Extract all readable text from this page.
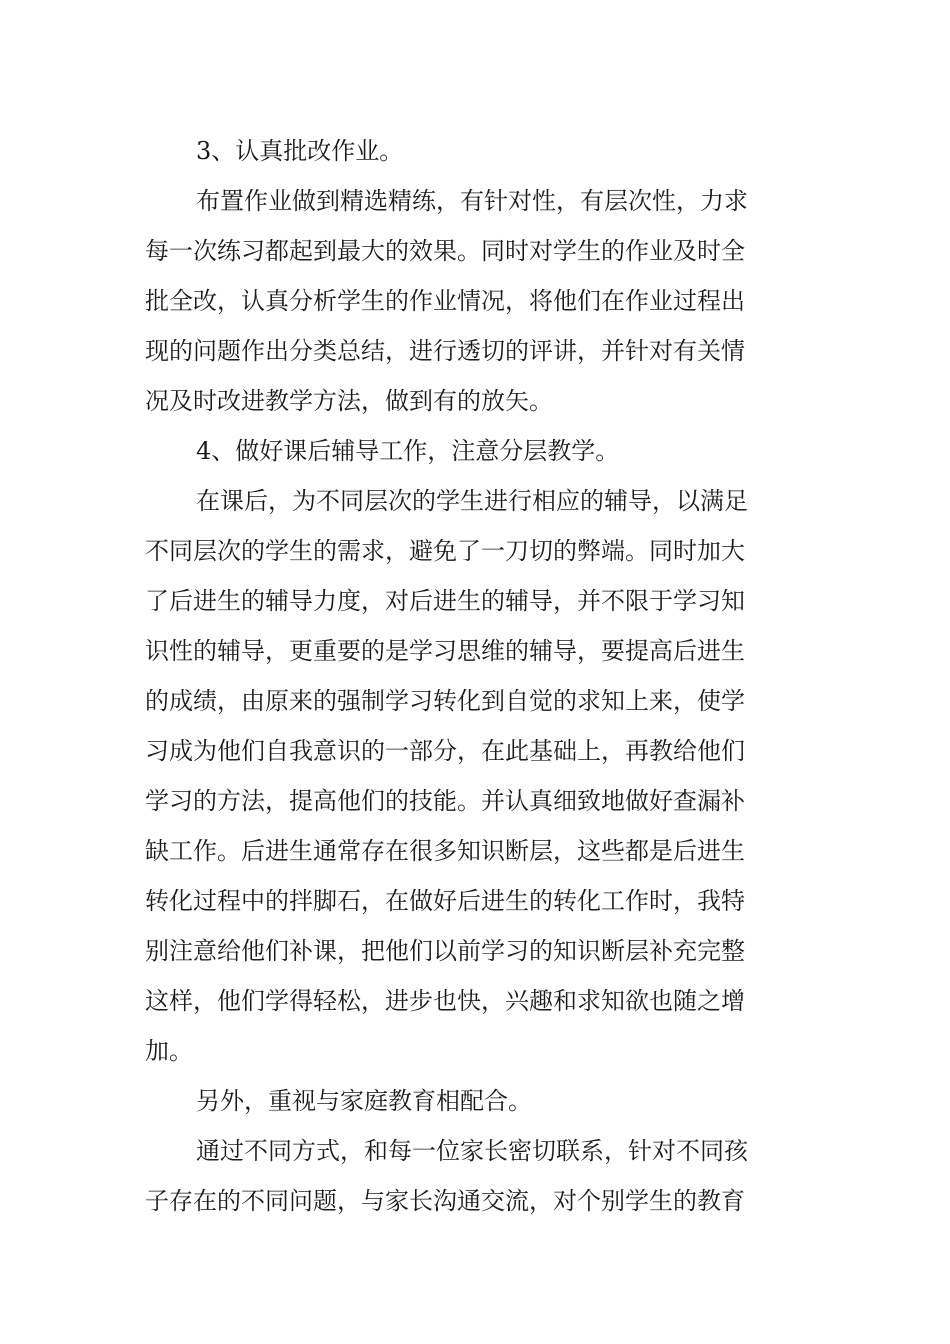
3、认真批改作业。
布置作业做到精选精练，有针对性，有层次性，力求
每一次练习都起到最大的效果。同时对学生的作业及时全
批全改，认真分析学生的作业情况，将他们在作业过程出
现的问题作出分类总结，进行透切的评讲，并针对有关情
况及时改进教学方法，做到有的放矢。
4、做好课后辅导工作，注意分层教学。
在课后，为不同层次的学生进行相应的辅导，以满足
不同层次的学生的需求，避免了一刀切的弊端。同时加大
了后进生的辅导力度，对后进生的辅导，并不限于学习知
识性的辅导，更重要的是学习思维的辅导，要提高后进生
的成绩，由原来的强制学习转化到自觉的求知上来，使学
习成为他们自我意识的一部分，在此基础上，再教给他们
学习的方法，提高他们的技能。并认真细致地做好查漏补
缺工作。后进生通常存在很多知识断层，这些都是后进生
转化过程中的拌脚石，在做好后进生的转化工作时，我特
别注意给他们补课，把他们以前学习的知识断层补充完整
这样，他们学得轻松，进步也快，兴趣和求知欲也随之增
加。
另外，重视与家庭教育相配合。
通过不同方式，和每一位家长密切联系，针对不同孩
子存在的不同问题，与家长沟通交流，对个别学生的教育
